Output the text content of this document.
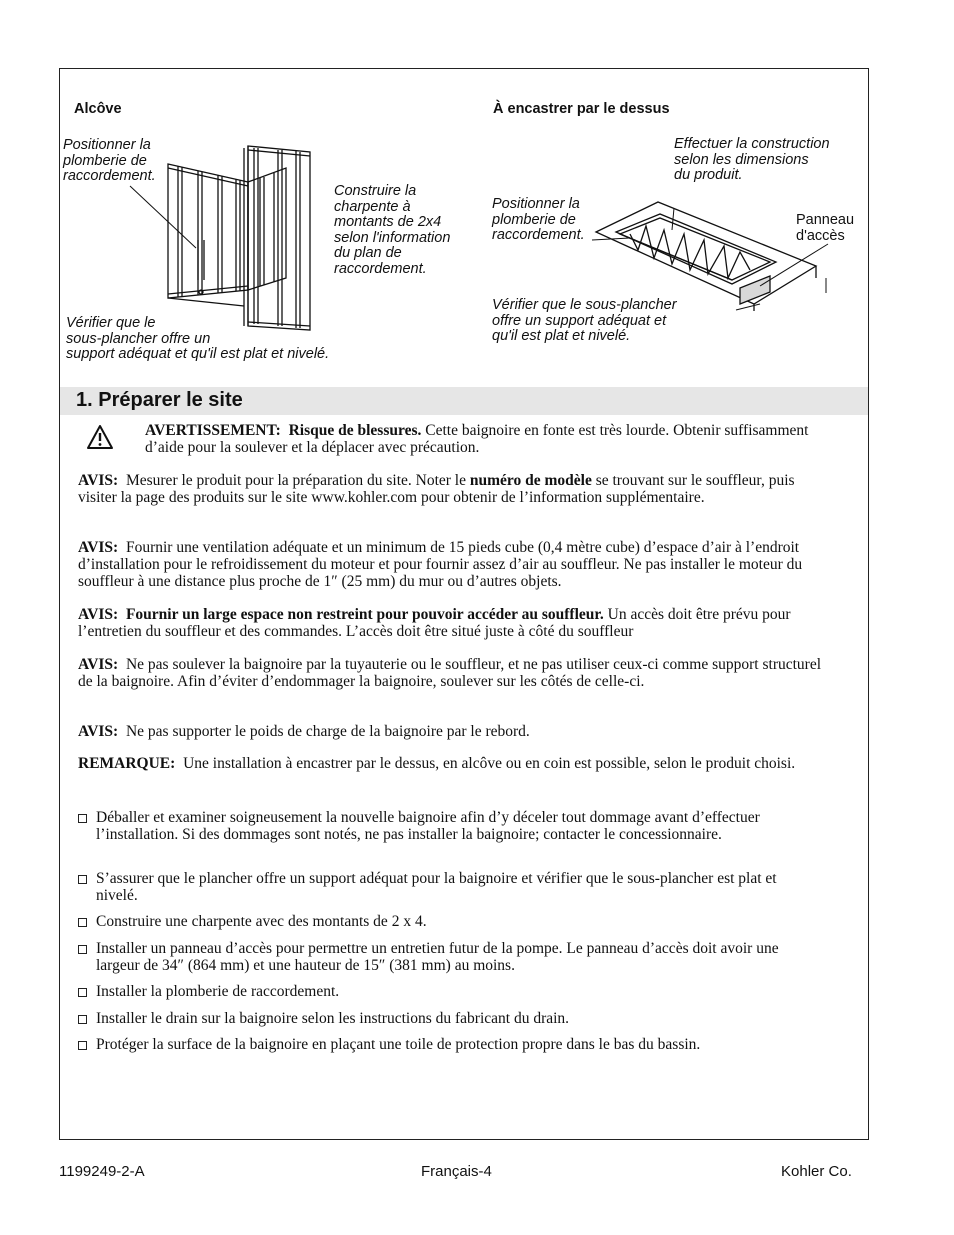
Alcôve
Positionner la
plomberie de
raccordement.
Construire la
charpente à
montants de 2x4
selon l'information
du plan de
raccordement.
Vérifier que le
sous-plancher offre un
support adéquat et qu'il est plat et nivelé.
À encastrer par le dessus
Effectuer la construction
selon les dimensions
du produit.
Positionner la
plomberie de
raccordement.
Panneau
d'accès
Vérifier que le sous-plancher
offre un support adéquat et
qu'il est plat et nivelé.
1. Préparer le site
AVERTISSEMENT: Risque de blessures. Cette baignoire en fonte est très lourde. Obtenir suffisamment d’aide pour la soulever et la déplacer avec précaution.
AVIS: Mesurer le produit pour la préparation du site. Noter le numéro de modèle se trouvant sur le souffleur, puis visiter la page des produits sur le site www.kohler.com pour obtenir de l’information supplémentaire.
AVIS: Fournir une ventilation adéquate et un minimum de 15 pieds cube (0,4 mètre cube) d’espace d’air à l’endroit d’installation pour le refroidissement du moteur et pour fournir assez d’air au souffleur. Ne pas installer le moteur du souffleur à une distance plus proche de 1″ (25 mm) du mur ou d’autres objets.
AVIS: Fournir un large espace non restreint pour pouvoir accéder au souffleur. Un accès doit être prévu pour l’entretien du souffleur et des commandes. L’accès doit être situé juste à côté du souffleur
AVIS: Ne pas soulever la baignoire par la tuyauterie ou le souffleur, et ne pas utiliser ceux-ci comme support structurel de la baignoire. Afin d’éviter d’endommager la baignoire, soulever sur les côtés de celle-ci.
AVIS: Ne pas supporter le poids de charge de la baignoire par le rebord.
REMARQUE: Une installation à encastrer par le dessus, en alcôve ou en coin est possible, selon le produit choisi.
Déballer et examiner soigneusement la nouvelle baignoire afin d’y déceler tout dommage avant d’effectuer l’installation. Si des dommages sont notés, ne pas installer la baignoire; contacter le concessionnaire.
S’assurer que le plancher offre un support adéquat pour la baignoire et vérifier que le sous-plancher est plat et nivelé.
Construire une charpente avec des montants de 2 x 4.
Installer un panneau d’accès pour permettre un entretien futur de la pompe. Le panneau d’accès doit avoir une largeur de 34″ (864 mm) et une hauteur de 15″ (381 mm) au moins.
Installer la plomberie de raccordement.
Installer le drain sur la baignoire selon les instructions du fabricant du drain.
Protéger la surface de la baignoire en plaçant une toile de protection propre dans le bas du bassin.
1199249-2-A	Français-4	Kohler Co.
